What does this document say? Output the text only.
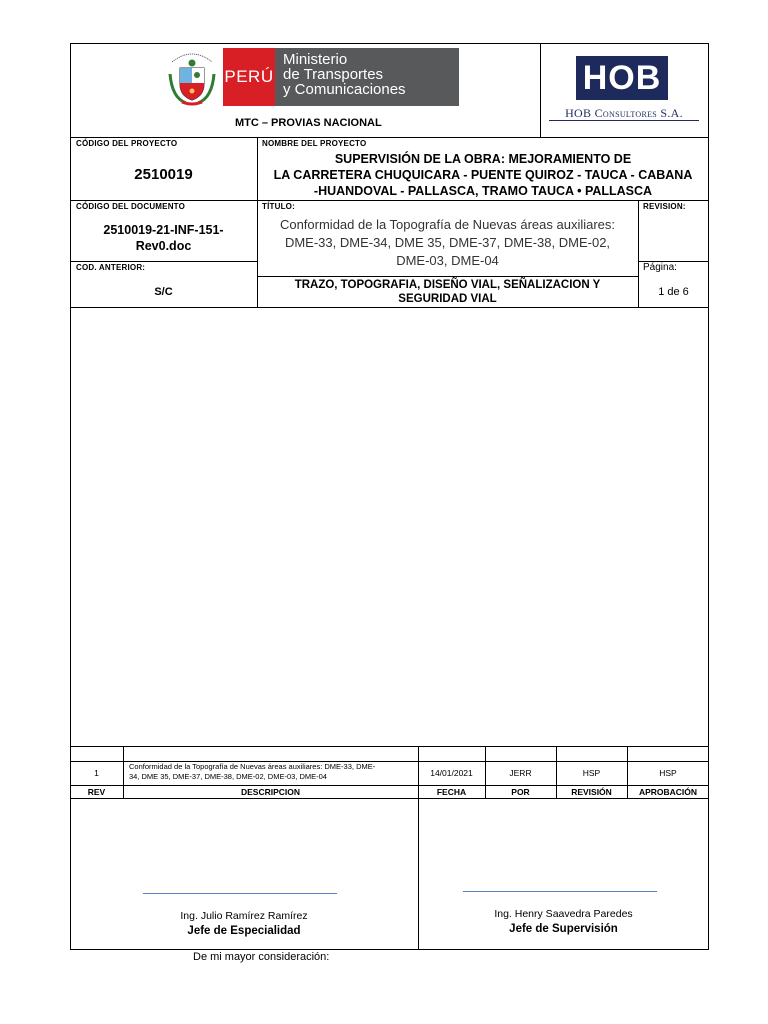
PERÚ
Ministerio
de Transportes
y Comunicaciones
MTC – PROVIAS NACIONAL
HOB
HOB Consultores S.A.
CÓDIGO DEL PROYECTO
2510019
NOMBRE DEL PROYECTO
SUPERVISIÓN DE LA OBRA: MEJORAMIENTO DE
LA CARRETERA CHUQUICARA - PUENTE QUIROZ - TAUCA - CABANA
-HUANDOVAL - PALLASCA, TRAMO TAUCA • PALLASCA
CÓDIGO DEL DOCUMENTO
2510019-21-INF-151-
Rev0.doc
TÍTULO:
Conformidad de la Topografía de Nuevas áreas auxiliares:
DME-33, DME-34, DME 35, DME-37, DME-38, DME-02,
DME-03, DME-04
REVISION:
COD. ANTERIOR:
S/C
TRAZO, TOPOGRAFIA, DISEÑO VIAL, SEÑALIZACION Y
SEGURIDAD VIAL
Página:
1 de 6
1
Conformidad de la Topografía de Nuevas áreas auxiliares: DME-33, DME-
34, DME 35, DME-37, DME-38, DME-02, DME-03, DME-04	14/01/2021	JERR	HSP	HSP
REV	DESCRIPCION	FECHA	POR	REVISIÓN	APROBACIÓN
Ing. Julio Ramírez Ramírez
Jefe de Especialidad
Ing. Henry Saavedra Paredes
Jefe de Supervisión
De mi mayor consideración:
